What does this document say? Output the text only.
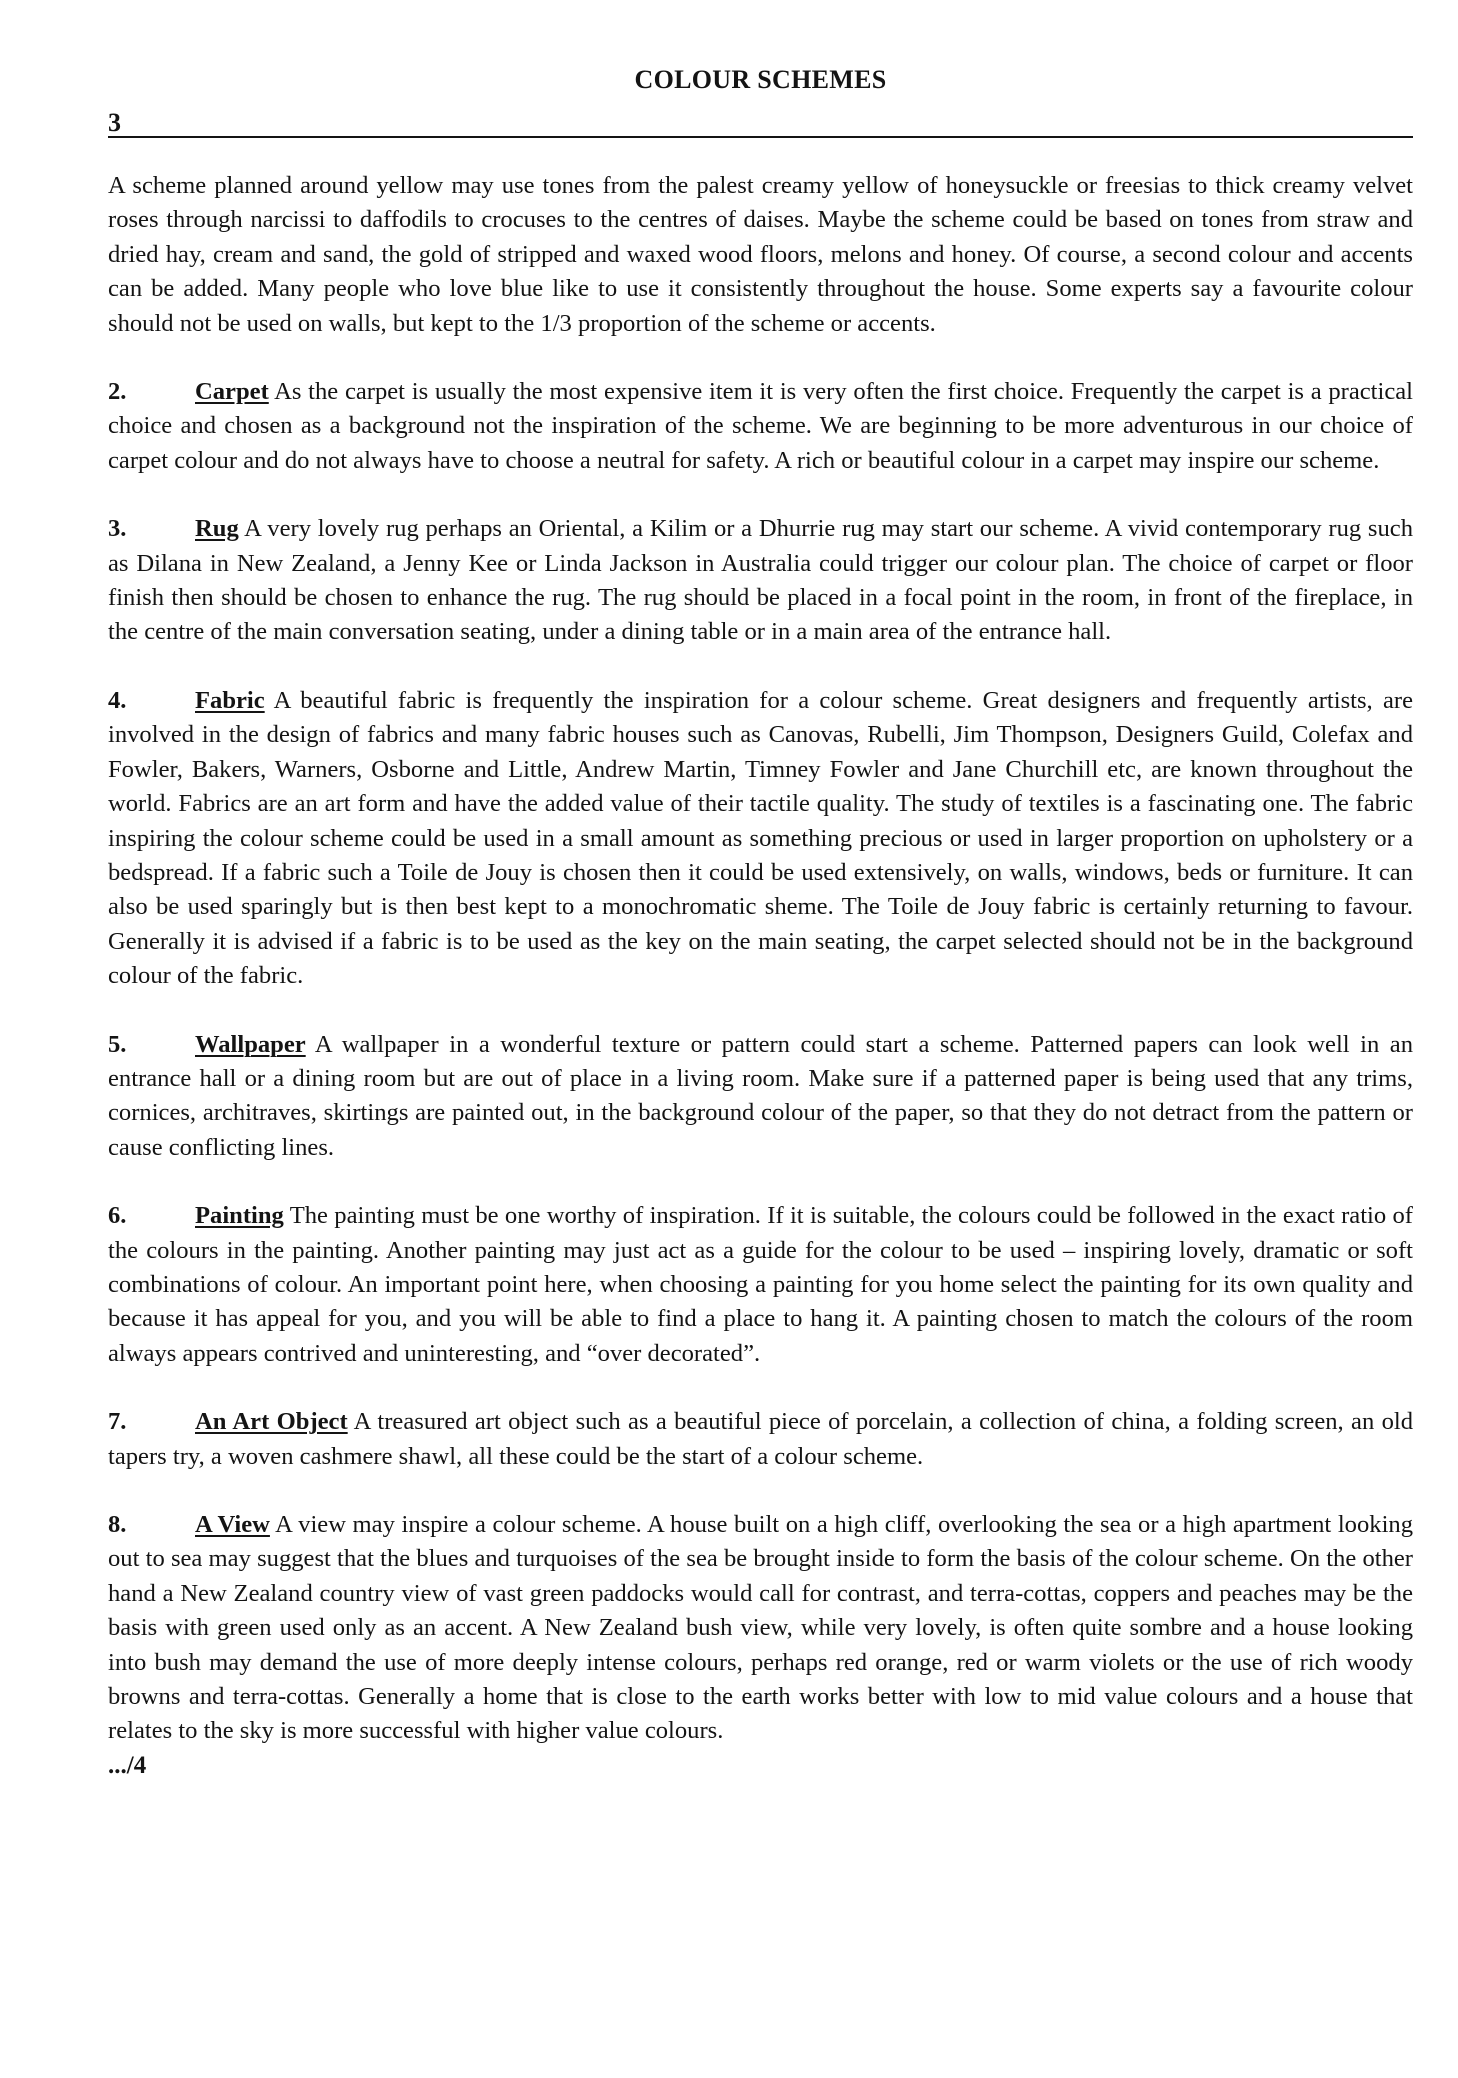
COLOUR SCHEMES
3

A scheme planned around yellow may use tones from the palest creamy yellow of honeysuckle or freesias to thick creamy velvet roses through narcissi to daffodils to crocuses to the centres of daises. Maybe the scheme could be based on tones from straw and dried hay, cream and sand, the gold of stripped and waxed wood floors, melons and honey. Of course, a second colour and accents can be added. Many people who love blue like to use it consistently throughout the house. Some experts say a favourite colour should not be used on walls, but kept to the 1/3 proportion of the scheme or accents.

2.	Carpet As the carpet is usually the most expensive item it is very often the first choice. Frequently the carpet is a practical choice and chosen as a background not the inspiration of the scheme. We are beginning to be more adventurous in our choice of carpet colour and do not always have to choose a neutral for safety. A rich or beautiful colour in a carpet may inspire our scheme.

3.	Rug A very lovely rug perhaps an Oriental, a Kilim or a Dhurrie rug may start our scheme. A vivid contemporary rug such as Dilana in New Zealand, a Jenny Kee or Linda Jackson in Australia could trigger our colour plan. The choice of carpet or floor finish then should be chosen to enhance the rug. The rug should be placed in a focal point in the room, in front of the fireplace, in the centre of the main conversation seating, under a dining table or in a main area of the entrance hall.

4.	Fabric A beautiful fabric is frequently the inspiration for a colour scheme. Great designers and frequently artists, are involved in the design of fabrics and many fabric houses such as Canovas, Rubelli, Jim Thompson, Designers Guild, Colefax and Fowler, Bakers, Warners, Osborne and Little, Andrew Martin, Timney Fowler and Jane Churchill etc, are known throughout the world. Fabrics are an art form and have the added value of their tactile quality. The study of textiles is a fascinating one. The fabric inspiring the colour scheme could be used in a small amount as something precious or used in larger proportion on upholstery or a bedspread. If a fabric such a Toile de Jouy is chosen then it could be used extensively, on walls, windows, beds or furniture. It can also be used sparingly but is then best kept to a monochromatic sheme. The Toile de Jouy fabric is certainly returning to favour. Generally it is advised if a fabric is to be used as the key on the main seating, the carpet selected should not be in the background colour of the fabric.

5.	Wallpaper A wallpaper in a wonderful texture or pattern could start a scheme. Patterned papers can look well in an entrance hall or a dining room but are out of place in a living room. Make sure if a patterned paper is being used that any trims, cornices, architraves, skirtings are painted out, in the background colour of the paper, so that they do not detract from the pattern or cause conflicting lines.

6.	Painting The painting must be one worthy of inspiration. If it is suitable, the colours could be followed in the exact ratio of the colours in the painting. Another painting may just act as a guide for the colour to be used – inspiring lovely, dramatic or soft combinations of colour. An important point here, when choosing a painting for you home select the painting for its own quality and because it has appeal for you, and you will be able to find a place to hang it. A painting chosen to match the colours of the room always appears contrived and uninteresting, and “over decorated”.

7.	An Art Object A treasured art object such as a beautiful piece of porcelain, a collection of china, a folding screen, an old tapers try, a woven cashmere shawl, all these could be the start of a colour scheme.

8.	A View A view may inspire a colour scheme. A house built on a high cliff, overlooking the sea or a high apartment looking out to sea may suggest that the blues and turquoises of the sea be brought inside to form the basis of the colour scheme. On the other hand a New Zealand country view of vast green paddocks would call for contrast, and terra-cottas, coppers and peaches may be the basis with green used only as an accent. A New Zealand bush view, while very lovely, is often quite sombre and a house looking into bush may demand the use of more deeply intense colours, perhaps red orange, red or warm violets or the use of rich woody browns and terra-cottas. Generally a home that is close to the earth works better with low to mid value colours and a house that relates to the sky is more successful with higher value colours.

.../4
